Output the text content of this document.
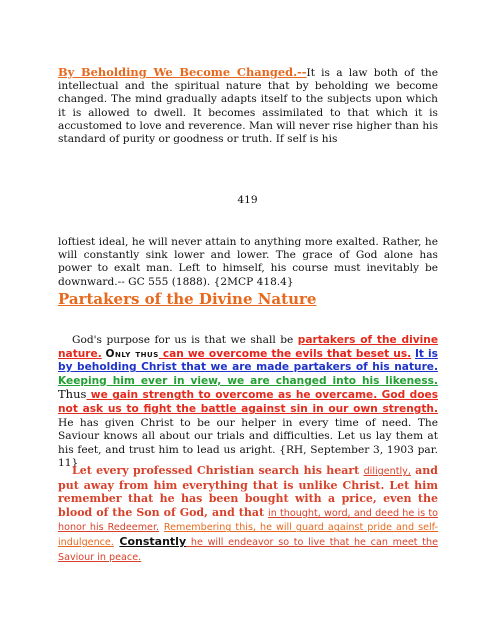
By Beholding We Become Changed.--It is a law both of the intellectual and the spiritual nature that by beholding we become changed. The mind gradually adapts itself to the subjects upon which it is allowed to dwell. It becomes assimilated to that which it is accustomed to love and reverence. Man will never rise higher than his standard of purity or goodness or truth. If self is his

419

loftiest ideal, he will never attain to anything more exalted. Rather, he will constantly sink lower and lower. The grace of God alone has power to exalt man. Left to himself, his course must inevitably be downward.-- GC 555 (1888). {2MCP 418.4}

Partakers of the Divine Nature

God's purpose for us is that we shall be partakers of the divine nature. Only thus can we overcome the evils that beset us. It is by beholding Christ that we are made partakers of his nature. Keeping him ever in view, we are changed into his likeness. Thus we gain strength to overcome as he overcame. God does not ask us to fight the battle against sin in our own strength. He has given Christ to be our helper in every time of need. The Saviour knows all about our trials and difficulties. Let us lay them at his feet, and trust him to lead us aright. {RH, September 3, 1903 par. 11}

Let every professed Christian search his heart diligently, and put away from him everything that is unlike Christ. Let him remember that he has been bought with a price, even the blood of the Son of God, and that in thought, word, and deed he is to honor his Redeemer. Remembering this, he will guard against pride and self-indulgence. Constantly he will endeavor so to live that he can meet the Saviour in peace.
